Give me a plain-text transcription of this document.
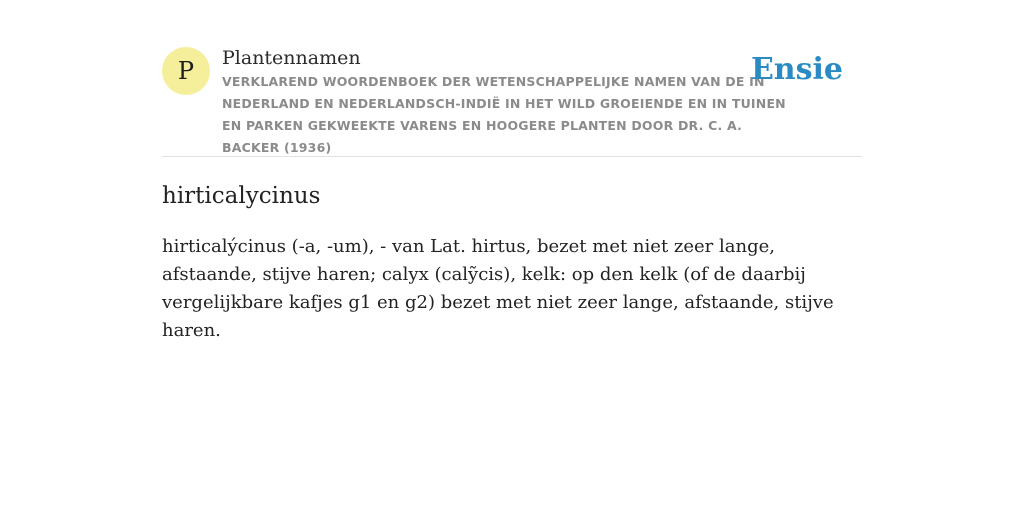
P	Plantennamen

VERKLAREND WOORDENBOEK DER WETENSCHAPPELIJKE NAMEN VAN DE IN NEDERLAND EN NEDERLANDSCH-INDIË IN HET WILD GROEIENDE EN IN TUINEN EN PARKEN GEKWEEKTE VARENS EN HOOGERE PLANTEN DOOR DR. C. A. BACKER (1936)

Ensie
hirticalycinus

hirticalýcinus (-a, -um), - van Lat. hirtus, bezet met niet zeer lange, afstaande, stijve haren; calyx (calỹcis), kelk: op den kelk (of de daarbij vergelijkbare kafjes g1 en g2) bezet met niet zeer lange, afstaande, stijve haren.
